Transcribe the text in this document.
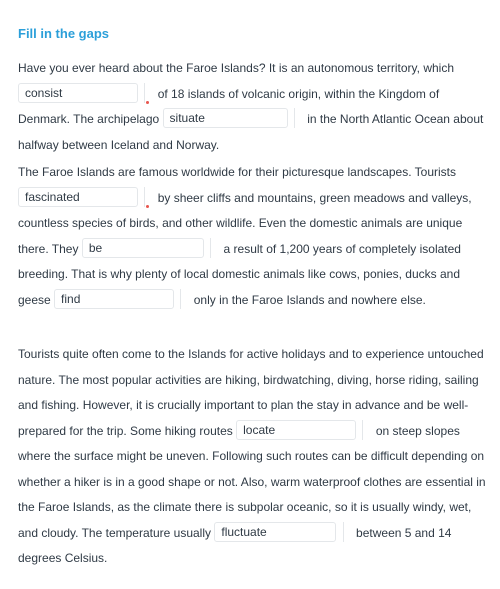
Fill in the gaps

Have you ever heard about the Faroe Islands? It is an autonomous territory, which consist  of 18 islands of volcanic origin, within the Kingdom of Denmark. The archipelago situate	in the North Atlantic Ocean about halfway between Iceland and Norway.

The Faroe Islands are famous worldwide for their picturesque landscapes. Tourists fascinated  by sheer cliffs and mountains, green meadows and valleys, countless species of birds, and other wildlife. Even the domestic animals are unique there. They be	a result of 1,200 years of completely isolated breeding. That is why plenty of local domestic animals like cows, ponies, ducks and geese find	only in the Faroe Islands and nowhere else.

Tourists quite often come to the Islands for active holidays and to experience untouched nature. The most popular activities are hiking, birdwatching, diving, horse riding, sailing and fishing. However, it is crucially important to plan the stay in advance and be well-prepared for the trip. Some hiking routes locate	on steep slopes where the surface might be uneven. Following such routes can be difficult depending on whether a hiker is in a good shape or not. Also, warm waterproof clothes are essential in the Faroe Islands, as the climate there is subpolar oceanic, so it is usually windy, wet, and cloudy. The temperature usually fluctuate	between 5 and 14 degrees Celsius.
